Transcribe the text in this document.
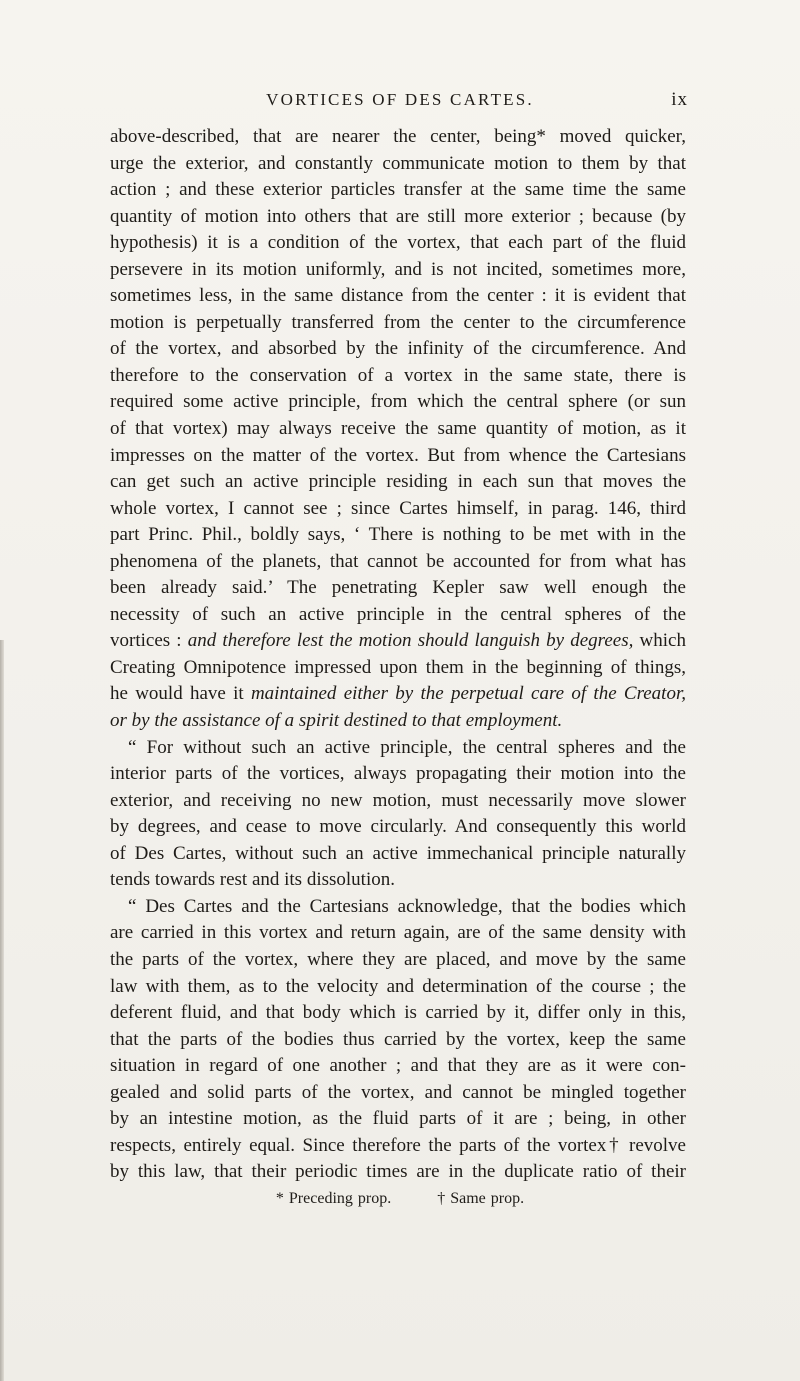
VORTICES OF DES CARTES.	ix
above-described, that are nearer the center, being* moved quicker,
urge the exterior, and constantly communicate motion to them by that
action ; and these exterior particles transfer at the same time the same
quantity of motion into others that are still more exterior ; because (by
hypothesis) it is a condition of the vortex, that each part of the fluid
persevere in its motion uniformly, and is not incited, sometimes more,
sometimes less, in the same distance from the center : it is evident that
motion is perpetually transferred from the center to the circumference
of the vortex, and absorbed by the infinity of the circumference. And
therefore to the conservation of a vortex in the same state, there is
required some active principle, from which the central sphere (or sun
of that vortex) may always receive the same quantity of motion, as it
impresses on the matter of the vortex. But from whence the Cartesians
can get such an active principle residing in each sun that moves the
whole vortex, I cannot see ; since Cartes himself, in parag. 146, third
part Princ. Phil., boldly says, ‘ There is nothing to be met with in the
phenomena of the planets, that cannot be accounted for from what has
been already said.’ The penetrating Kepler saw well enough the
necessity of such an active principle in the central spheres of the
vortices : and therefore lest the motion should languish by degrees, which
Creating Omnipotence impressed upon them in the beginning of things,
he would have it maintained either by the perpetual care of the Creator,
or by the assistance of a spirit destined to that employment.
“ For without such an active principle, the central spheres and the
interior parts of the vortices, always propagating their motion into the
exterior, and receiving no new motion, must necessarily move slower
by degrees, and cease to move circularly. And consequently this world
of Des Cartes, without such an active immechanical principle naturally
tends towards rest and its dissolution.
“ Des Cartes and the Cartesians acknowledge, that the bodies which
are carried in this vortex and return again, are of the same density with
the parts of the vortex, where they are placed, and move by the same
law with them, as to the velocity and determination of the course ; the
deferent fluid, and that body which is carried by it, differ only in this,
that the parts of the bodies thus carried by the vortex, keep the same
situation in regard of one another ; and that they are as it were con-
gealed and solid parts of the vortex, and cannot be mingled together
by an intestine motion, as the fluid parts of it are ; being, in other
respects, entirely equal. Since therefore the parts of the vortex† revolve
by this law, that their periodic times are in the duplicate ratio of their
* Preceding prop.	† Same prop.
